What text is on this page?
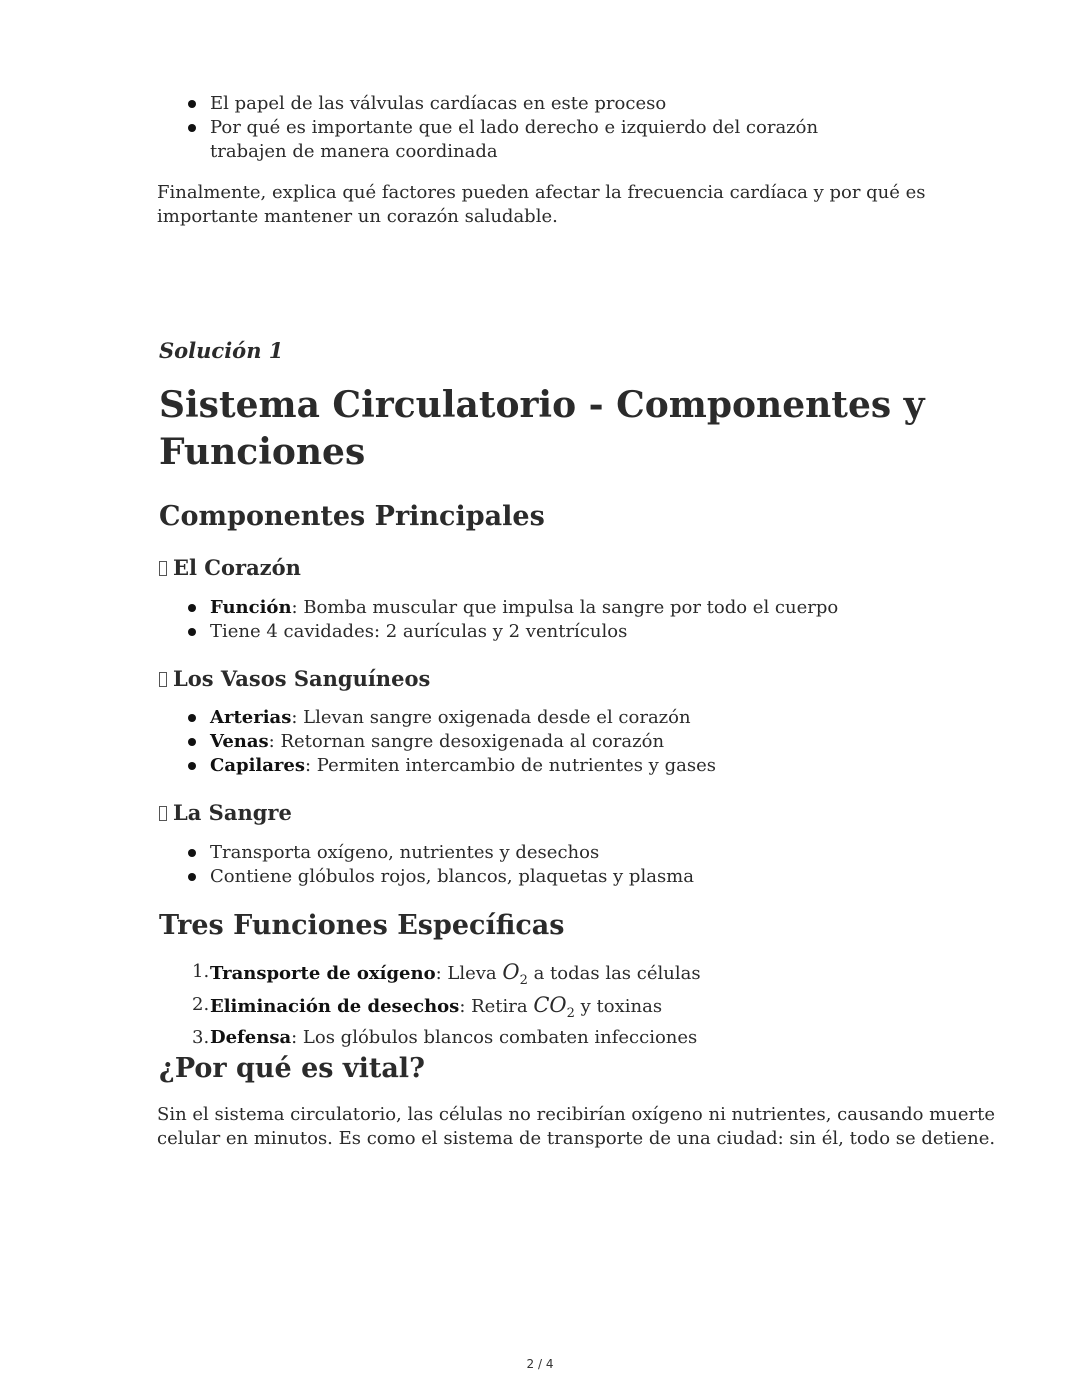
El papel de las válvulas cardíacas en este proceso
Por qué es importante que el lado derecho e izquierdo del corazón trabajen de manera coordinada

Finalmente, explica qué factores pueden afectar la frecuencia cardíaca y por qué es

importante mantener un corazón saludable.

Solución 1
Sistema Circulatorio - Componentes y
Funciones
Componentes Principales
El Corazón
Función: Bomba muscular que impulsa la sangre por todo el cuerpo
Tiene 4 cavidades: 2 aurículas y 2 ventrículos
Los Vasos Sanguíneos
Arterias: Llevan sangre oxigenada desde el corazón
Venas: Retornan sangre desoxigenada al corazón
Capilares: Permiten intercambio de nutrientes y gases
La Sangre
Transporta oxígeno, nutrientes y desechos
Contiene glóbulos rojos, blancos, plaquetas y plasma
Tres Funciones Específicas
1. Transporte de oxígeno: Lleva $O_2$ a todas las células
2. Eliminación de desechos: Retira $CO_2$ y toxinas
3. Defensa: Los glóbulos blancos combaten infecciones
¿Por qué es vital?

Sin el sistema circulatorio, las células no recibirían oxígeno ni nutrientes, causando muerte

celular en minutos. Es como el sistema de transporte de una ciudad: sin él, todo se detiene.

2 / 4
